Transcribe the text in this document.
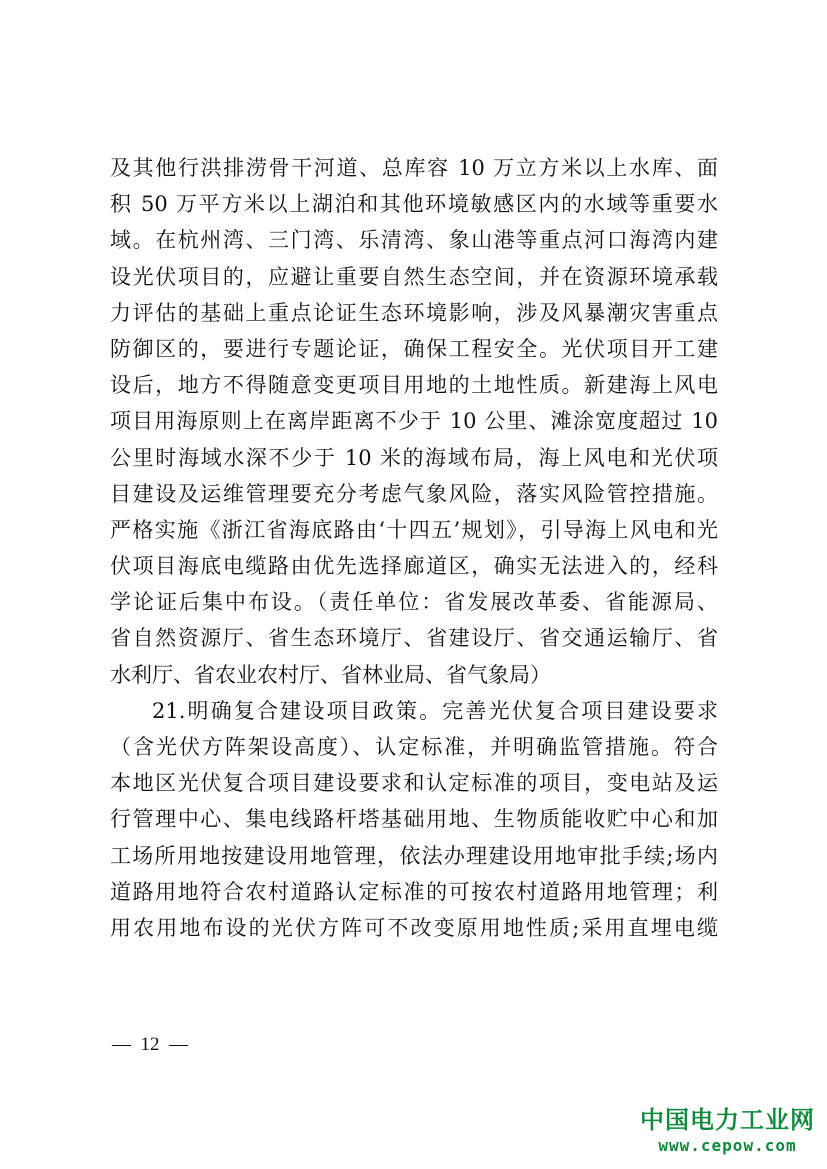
及其他行洪排涝骨干河道、总库容 10 万立方米以上水库、面
积 50 万平方米以上湖泊和其他环境敏感区内的水域等重要水
域。在杭州湾、三门湾、乐清湾、象山港等重点河口海湾内建
设光伏项目的，应避让重要自然生态空间，并在资源环境承载
力评估的基础上重点论证生态环境影响，涉及风暴潮灾害重点
防御区的，要进行专题论证，确保工程安全。光伏项目开工建
设后，地方不得随意变更项目用地的土地性质。新建海上风电
项目用海原则上在离岸距离不少于 10 公里、滩涂宽度超过 10
公里时海域水深不少于 10 米的海域布局，海上风电和光伏项
目建设及运维管理要充分考虑气象风险，落实风险管控措施。
严格实施《浙江省海底路由‘十四五’规划》，引导海上风电和光
伏项目海底电缆路由优先选择廊道区，确实无法进入的，经科
学论证后集中布设。（责任单位：省发展改革委、省能源局、
省自然资源厅、省生态环境厅、省建设厅、省交通运输厅、省
水利厅、省农业农村厅、省林业局、省气象局）
21.明确复合建设项目政策。完善光伏复合项目建设要求
（含光伏方阵架设高度）、认定标准，并明确监管措施。符合
本地区光伏复合项目建设要求和认定标准的项目，变电站及运
行管理中心、集电线路杆塔基础用地、生物质能收贮中心和加
工场所用地按建设用地管理，依法办理建设用地审批手续;场内
道路用地符合农村道路认定标准的可按农村道路用地管理；利
用农用地布设的光伏方阵可不改变原用地性质;采用直埋电缆
—  12  —
中国电力工业网
www.cepow.com
